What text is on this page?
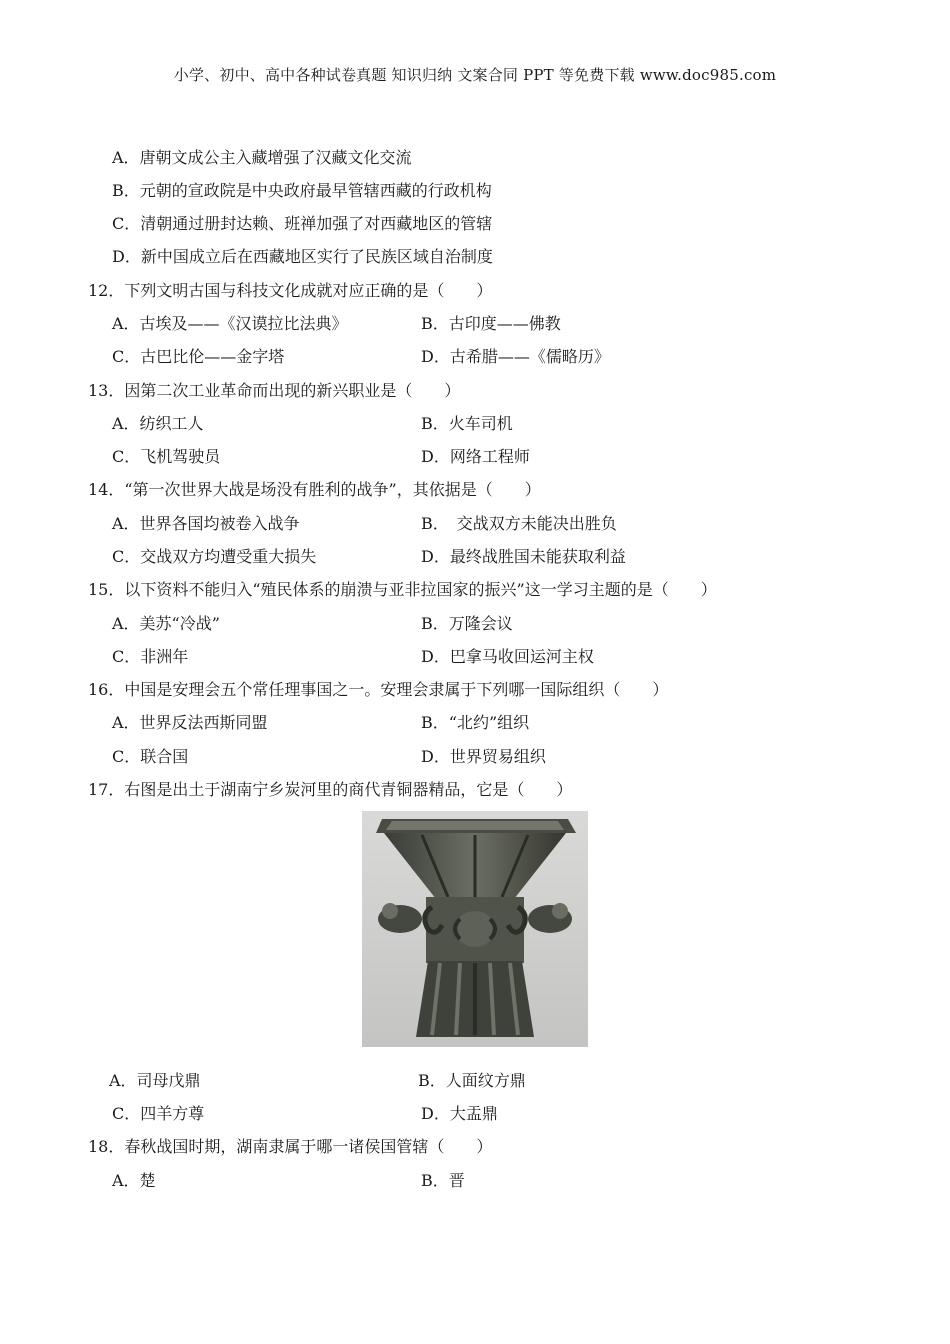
小学、初中、高中各种试卷真题 知识归纳 文案合同 PPT 等免费下载 www.doc985.com
A．唐朝文成公主入藏增强了汉藏文化交流
B．元朝的宣政院是中央政府最早管辖西藏的行政机构
C．清朝通过册封达赖、班禅加强了对西藏地区的管辖
D．新中国成立后在西藏地区实行了民族区域自治制度
12．下列文明古国与科技文化成就对应正确的是（　　）
A．古埃及——《汉谟拉比法典》	B．古印度——佛教
C．古巴比伦——金字塔	D．古希腊——《儒略历》
13．因第二次工业革命而出现的新兴职业是（　　）
A．纺织工人	B．火车司机
C．飞机驾驶员	D．网络工程师
14．“第一次世界大战是场没有胜利的战争”，其依据是（　　）
A．世界各国均被卷入战争	B．　交战双方未能决出胜负
C．交战双方均遭受重大损失	D．最终战胜国未能获取利益
15．以下资料不能归入“殖民体系的崩溃与亚非拉国家的振兴”这一学习主题的是（　　）
A．美苏“冷战”	B．万隆会议
C．非洲年	D．巴拿马收回运河主权
16．中国是安理会五个常任理事国之一。安理会隶属于下列哪一国际组织（　　）
A．世界反法西斯同盟	B．“北约”组织
C．联合国	D．世界贸易组织
17．右图是出土于湖南宁乡炭河里的商代青铜器精品，它是（　　）
A．司母戊鼎	B．人面纹方鼎
C．四羊方尊	D．大盂鼎
18．春秋战国时期，湖南隶属于哪一诸侯国管辖（　　）
A．楚	B．晋
